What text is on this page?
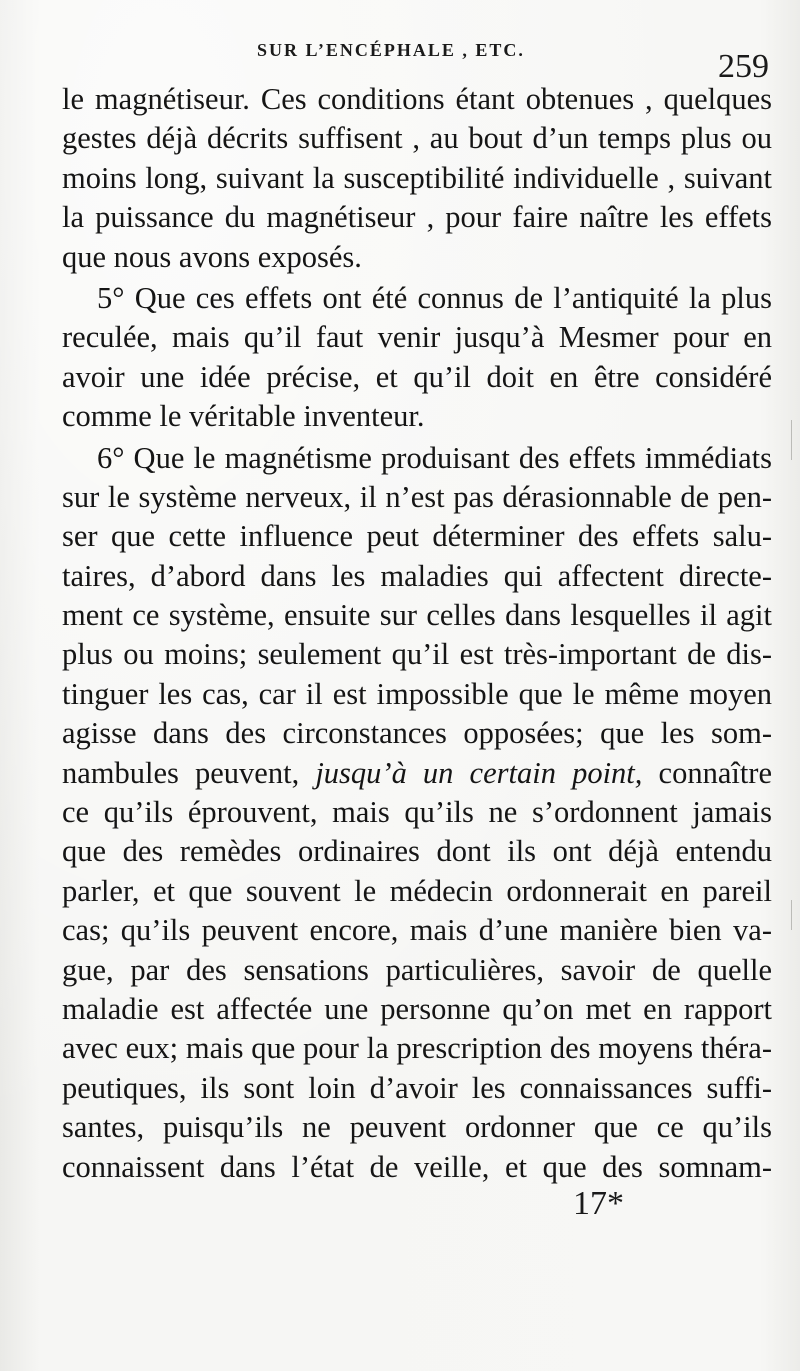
SUR L’ENCÉPHALE , ETC.	259
le magnétiseur. Ces conditions étant obtenues , quelques
gestes déjà décrits suffisent , au bout d’un temps plus ou
moins long, suivant la susceptibilité individuelle , suivant
la puissance du magnétiseur , pour faire naître les effets
que nous avons exposés.
5° Que ces effets ont été connus de l’antiquité la plus
reculée, mais qu’il faut venir jusqu’à Mesmer pour en
avoir une idée précise, et qu’il doit en être considéré
comme le véritable inventeur.
6° Que le magnétisme produisant des effets immédiats
sur le système nerveux, il n’est pas dérasionnable de pen-
ser que cette influence peut déterminer des effets salu-
taires, d’abord dans les maladies qui affectent directe-
ment ce système, ensuite sur celles dans lesquelles il agit
plus ou moins; seulement qu’il est très-important de dis-
tinguer les cas, car il est impossible que le même moyen
agisse dans des circonstances opposées; que les som-
nambules peuvent, jusqu’à un certain point, connaître
ce qu’ils éprouvent, mais qu’ils ne s’ordonnent jamais
que des remèdes ordinaires dont ils ont déjà entendu
parler, et que souvent le médecin ordonnerait en pareil
cas; qu’ils peuvent encore, mais d’une manière bien va-
gue, par des sensations particulières, savoir de quelle
maladie est affectée une personne qu’on met en rapport
avec eux; mais que pour la prescription des moyens théra-
peutiques, ils sont loin d’avoir les connaissances suffi-
santes, puisqu’ils ne peuvent ordonner que ce qu’ils
connaissent dans l’état de veille, et que des somnam-
17*
